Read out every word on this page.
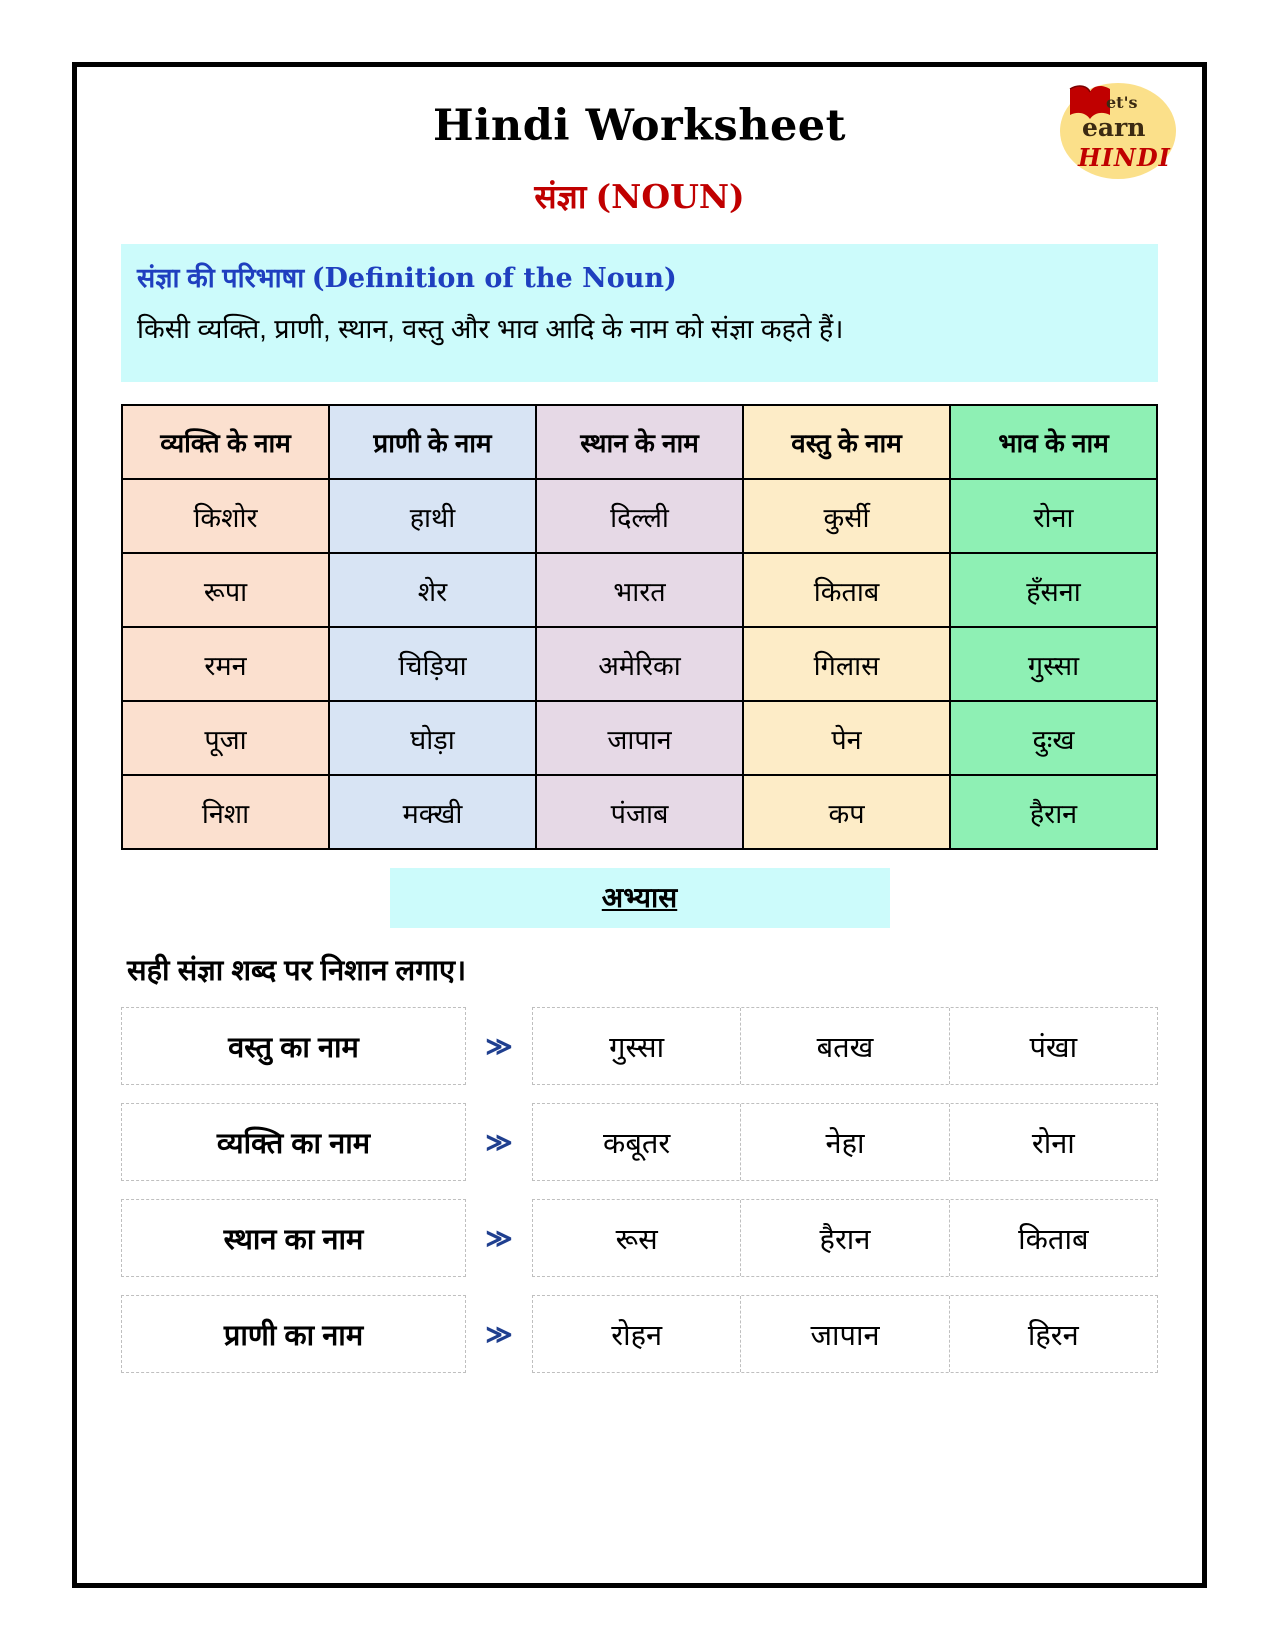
et's
earn
HINDI
Hindi Worksheet
संज्ञा (NOUN)
संज्ञा की परिभाषा (Definition of the Noun)
किसी व्यक्ति, प्राणी, स्थान, वस्तु और भाव आदि के नाम को संज्ञा कहते हैं।
व्यक्ति के नाम	प्राणी के नाम	स्थान के नाम	वस्तु के नाम	भाव के नाम
किशोर	हाथी	दिल्ली	कुर्सी	रोना
रूपा	शेर	भारत	किताब	हँसना
रमन	चिड़िया	अमेरिका	गिलास	गुस्सा
पूजा	घोड़ा	जापान	पेन	दुःख
निशा	मक्खी	पंजाब	कप	हैरान
अभ्यास
सही संज्ञा शब्द पर निशान लगाए।
वस्तु का नाम	≫	गुस्सा	बतख	पंखा
व्यक्ति का नाम	≫	कबूतर	नेहा	रोना
स्थान का नाम	≫	रूस	हैरान	किताब
प्राणी का नाम	≫	रोहन	जापान	हिरन
